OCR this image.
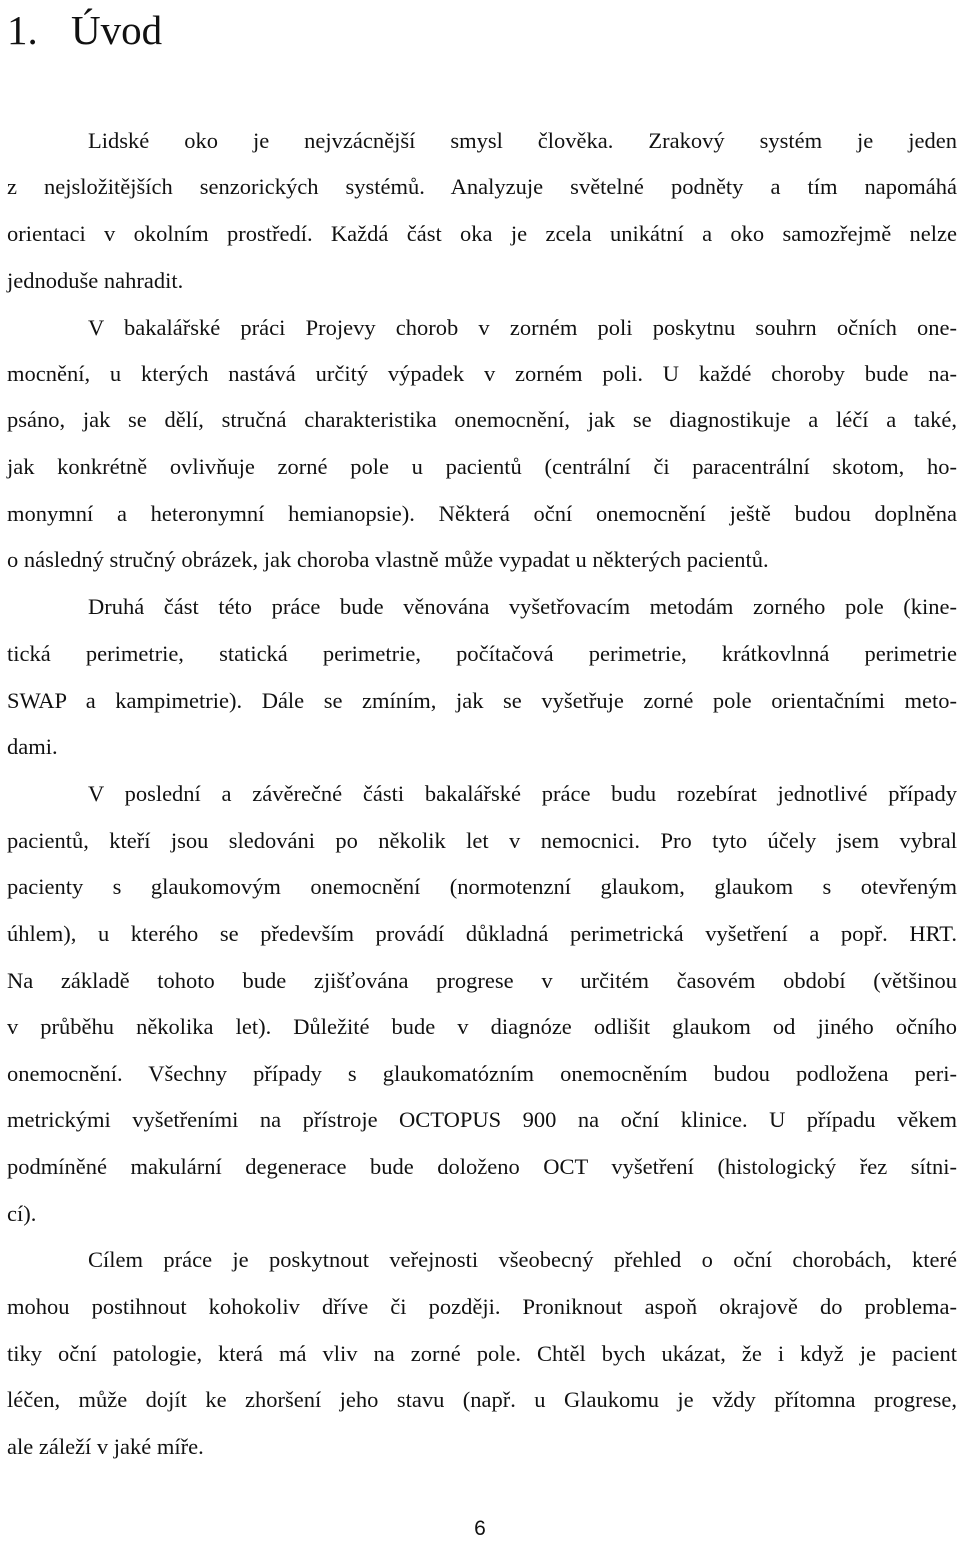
1. Úvod
Lidské oko je nejvzácnější smysl člověka. Zrakový systém je jeden
z nejsložitějších senzorických systémů. Analyzuje světelné podněty a tím napomáhá
orientaci v okolním prostředí. Každá část oka je zcela unikátní a oko samozřejmě nelze
jednoduše nahradit.
V bakalářské práci Projevy chorob v zorném poli poskytnu souhrn očních one-
mocnění, u kterých nastává určitý výpadek v zorném poli. U každé choroby bude na-
psáno, jak se dělí, stručná charakteristika onemocnění, jak se diagnostikuje a léčí a také,
jak konkrétně ovlivňuje zorné pole u pacientů (centrální či paracentrální skotom, ho-
monymní a heteronymní hemianopsie). Některá oční onemocnění ještě budou doplněna
o následný stručný obrázek, jak choroba vlastně může vypadat u některých pacientů.
Druhá část této práce bude věnována vyšetřovacím metodám zorného pole (kine-
tická perimetrie, statická perimetrie, počítačová perimetrie, krátkovlnná perimetrie
SWAP a kampimetrie). Dále se zmíním, jak se vyšetřuje zorné pole orientačními meto-
dami.
V poslední a závěrečné části bakalářské práce budu rozebírat jednotlivé případy
pacientů, kteří jsou sledováni po několik let v nemocnici. Pro tyto účely jsem vybral
pacienty s glaukomovým onemocnění (normotenzní glaukom, glaukom s otevřeným
úhlem), u kterého se především provádí důkladná perimetrická vyšetření a popř. HRT.
Na základě tohoto bude zjišťována progrese v určitém časovém období (většinou
v průběhu několika let). Důležité bude v diagnóze odlišit glaukom od jiného očního
onemocnění. Všechny případy s glaukomatózním onemocněním budou podložena peri-
metrickými vyšetřeními na přístroje OCTOPUS 900 na oční klinice. U případu věkem
podmíněné makulární degenerace bude doloženo OCT vyšetření (histologický řez sítni-
cí).
Cílem práce je poskytnout veřejnosti všeobecný přehled o oční chorobách, které
mohou postihnout kohokoliv dříve či později. Proniknout aspoň okrajově do problema-
tiky oční patologie, která má vliv na zorné pole. Chtěl bych ukázat, že i když je pacient
léčen, může dojít ke zhoršení jeho stavu (např. u Glaukomu je vždy přítomna progrese,
ale záleží v jaké míře.
6
